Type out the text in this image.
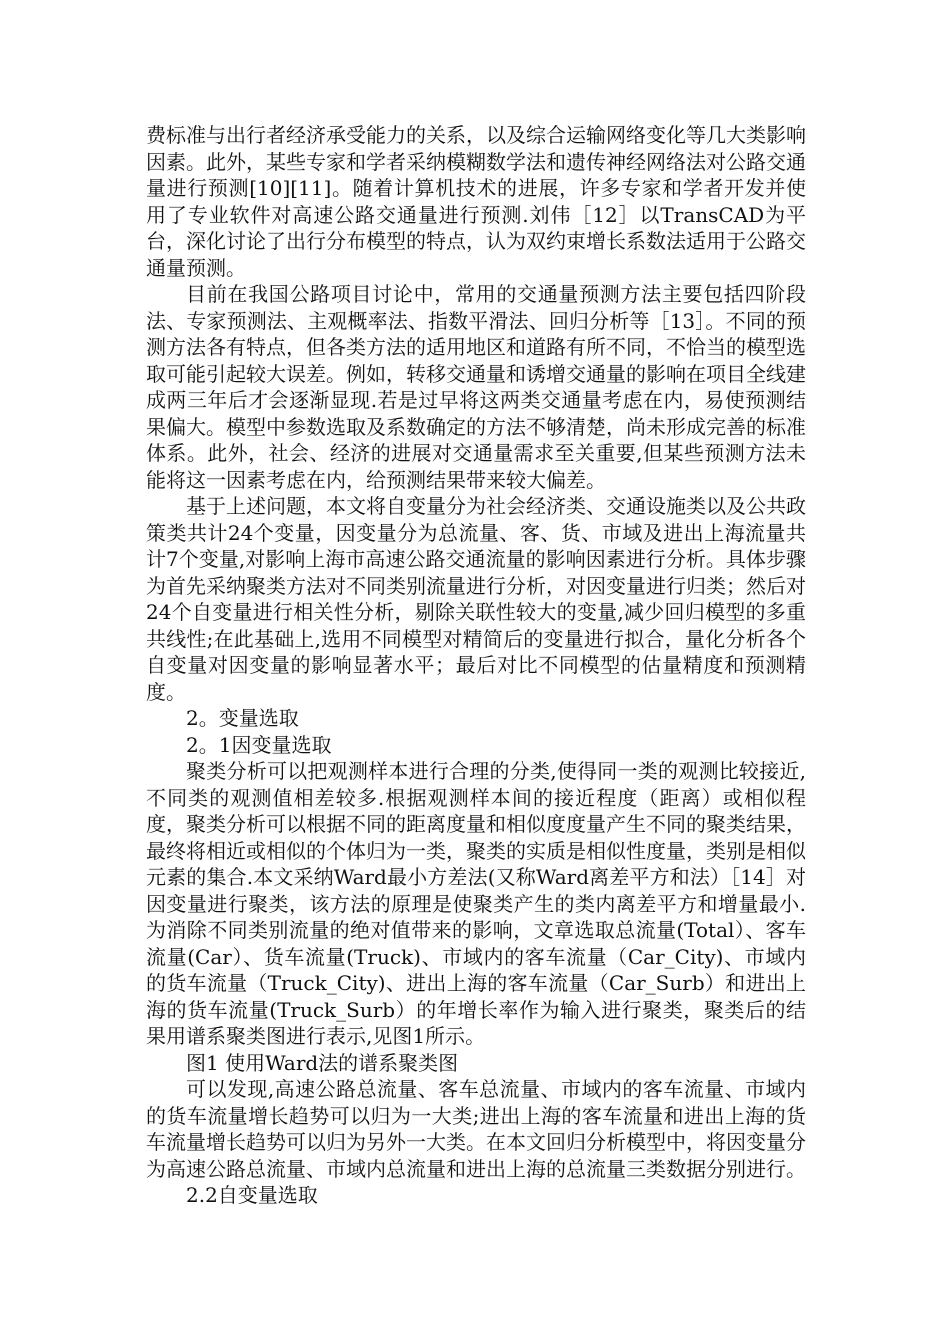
费标准与出行者经济承受能力的关系，以及综合运输网络变化等几大类影响因素。此外，某些专家和学者采纳模糊数学法和遗传神经网络法对公路交通量进行预测[10][11]。随着计算机技术的进展，许多专家和学者开发并使用了专业软件对高速公路交通量进行预测.刘伟［12］以TransCAD为平台，深化讨论了出行分布模型的特点，认为双约束增长系数法适用于公路交通量预测。

目前在我国公路项目讨论中，常用的交通量预测方法主要包括四阶段法、专家预测法、主观概率法、指数平滑法、回归分析等［13］。不同的预测方法各有特点，但各类方法的适用地区和道路有所不同，不恰当的模型选取可能引起较大误差。例如，转移交通量和诱增交通量的影响在项目全线建成两三年后才会逐渐显现.若是过早将这两类交通量考虑在内，易使预测结果偏大。模型中参数选取及系数确定的方法不够清楚，尚未形成完善的标准体系。此外，社会、经济的进展对交通量需求至关重要,但某些预测方法未能将这一因素考虑在内，给预测结果带来较大偏差。

基于上述问题，本文将自变量分为社会经济类、交通设施类以及公共政策类共计24个变量，因变量分为总流量、客、货、市域及进出上海流量共计7个变量,对影响上海市高速公路交通流量的影响因素进行分析。具体步骤为首先采纳聚类方法对不同类别流量进行分析，对因变量进行归类；然后对24个自变量进行相关性分析，剔除关联性较大的变量,减少回归模型的多重共线性;在此基础上,选用不同模型对精简后的变量进行拟合，量化分析各个自变量对因变量的影响显著水平；最后对比不同模型的估量精度和预测精度。

2。变量选取

2。1因变量选取

聚类分析可以把观测样本进行合理的分类,使得同一类的观测比较接近,不同类的观测值相差较多.根据观测样本间的接近程度（距离）或相似程度，聚类分析可以根据不同的距离度量和相似度度量产生不同的聚类结果，最终将相近或相似的个体归为一类，聚类的实质是相似性度量，类别是相似元素的集合.本文采纳Ward最小方差法(又称Ward离差平方和法）［14］对因变量进行聚类，该方法的原理是使聚类产生的类内离差平方和增量最小.为消除不同类别流量的绝对值带来的影响，文章选取总流量(Total）、客车流量(Car）、货车流量(Truck)、市域内的客车流量（Car_City)、市域内的货车流量（Truck_City)、进出上海的客车流量（Car_Surb）和进出上海的货车流量(Truck_Surb）的年增长率作为输入进行聚类，聚类后的结果用谱系聚类图进行表示,见图1所示。

图1 使用Ward法的谱系聚类图

可以发现,高速公路总流量、客车总流量、市域内的客车流量、市域内的货车流量增长趋势可以归为一大类;进出上海的客车流量和进出上海的货车流量增长趋势可以归为另外一大类。在本文回归分析模型中，将因变量分为高速公路总流量、市域内总流量和进出上海的总流量三类数据分别进行。

2.2自变量选取
